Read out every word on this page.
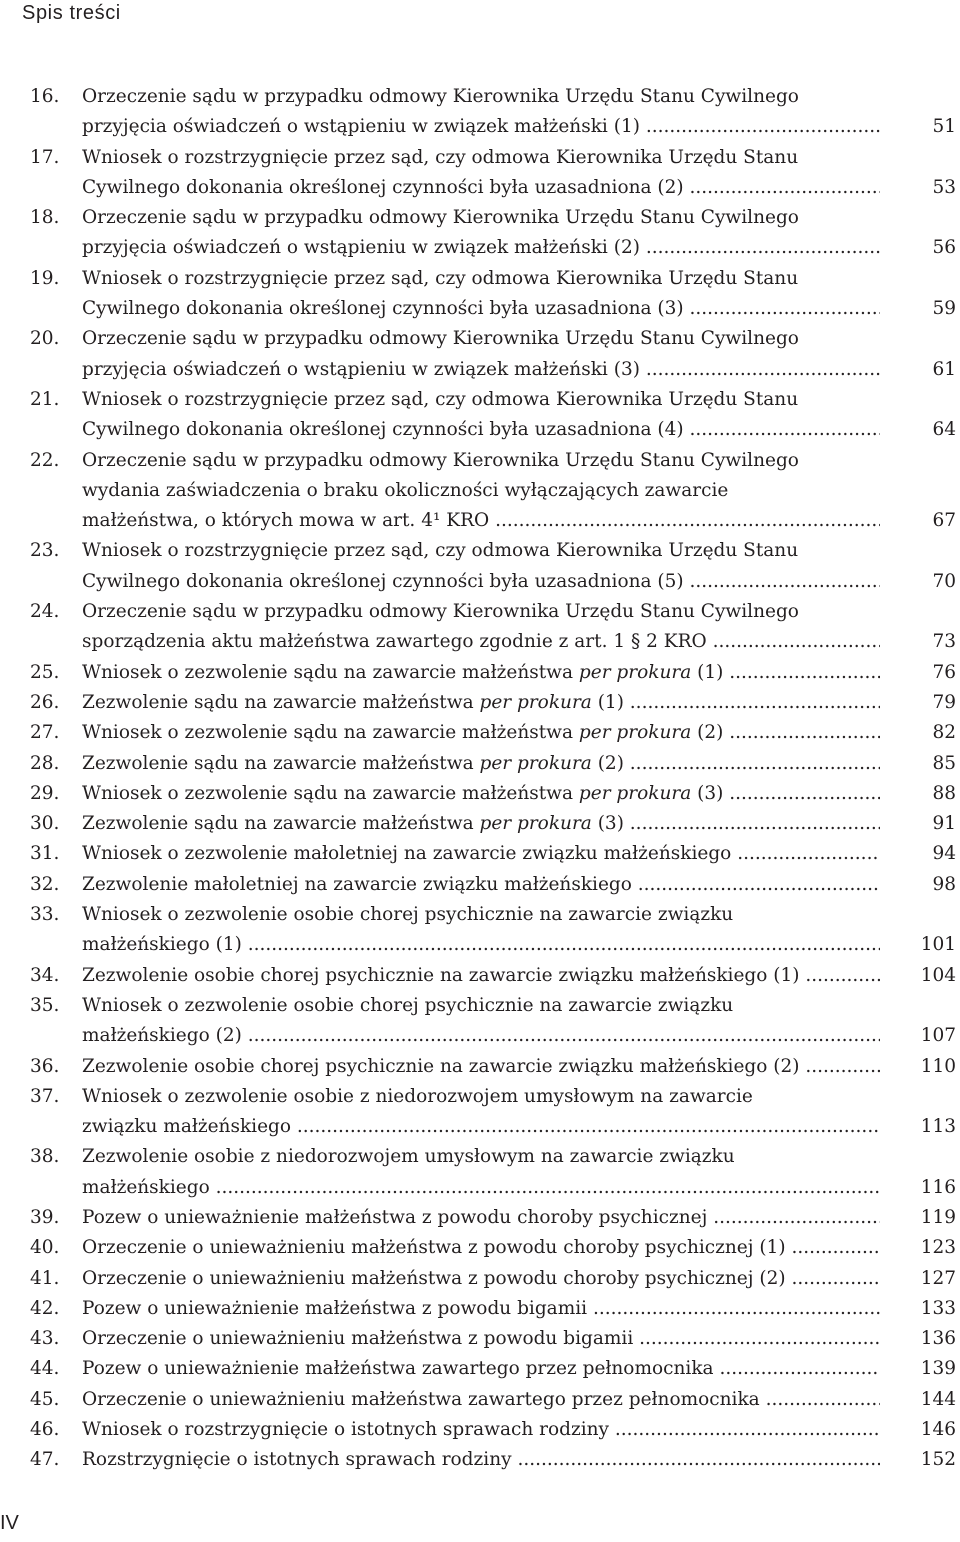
Spis treści
16. Orzeczenie sądu w przypadku odmowy Kierownika Urzędu Stanu Cywilnego
przyjęcia oświadczeń o wstąpieniu w związek małżeński (1) .....	51
17. Wniosek o rozstrzygnięcie przez sąd, czy odmowa Kierownika Urzędu Stanu
Cywilnego dokonania określonej czynności była uzasadniona (2) .....	53
18. Orzeczenie sądu w przypadku odmowy Kierownika Urzędu Stanu Cywilnego
przyjęcia oświadczeń o wstąpieniu w związek małżeński (2) .....	56
19. Wniosek o rozstrzygnięcie przez sąd, czy odmowa Kierownika Urzędu Stanu
Cywilnego dokonania określonej czynności była uzasadniona (3) .....	59
20. Orzeczenie sądu w przypadku odmowy Kierownika Urzędu Stanu Cywilnego
przyjęcia oświadczeń o wstąpieniu w związek małżeński (3) .....	61
21. Wniosek o rozstrzygnięcie przez sąd, czy odmowa Kierownika Urzędu Stanu
Cywilnego dokonania określonej czynności była uzasadniona (4) .....	64
22. Orzeczenie sądu w przypadku odmowy Kierownika Urzędu Stanu Cywilnego
wydania zaświadczenia o braku okoliczności wyłączających zawarcie
małżeństwa, o których mowa w art. 4¹ KRO .....	67
23. Wniosek o rozstrzygnięcie przez sąd, czy odmowa Kierownika Urzędu Stanu
Cywilnego dokonania określonej czynności była uzasadniona (5) .....	70
24. Orzeczenie sądu w przypadku odmowy Kierownika Urzędu Stanu Cywilnego
sporządzenia aktu małżeństwa zawartego zgodnie z art. 1 § 2 KRO .....	73
25. Wniosek o zezwolenie sądu na zawarcie małżeństwa per prokura (1) .....	76
26. Zezwolenie sądu na zawarcie małżeństwa per prokura (1) .....	79
27. Wniosek o zezwolenie sądu na zawarcie małżeństwa per prokura (2) .....	82
28. Zezwolenie sądu na zawarcie małżeństwa per prokura (2) .....	85
29. Wniosek o zezwolenie sądu na zawarcie małżeństwa per prokura (3) .....	88
30. Zezwolenie sądu na zawarcie małżeństwa per prokura (3) .....	91
31. Wniosek o zezwolenie małoletniej na zawarcie związku małżeńskiego .....	94
32. Zezwolenie małoletniej na zawarcie związku małżeńskiego .....	98
33. Wniosek o zezwolenie osobie chorej psychicznie na zawarcie związku
małżeńskiego (1) .....	101
34. Zezwolenie osobie chorej psychicznie na zawarcie związku małżeńskiego (1) .....	104
35. Wniosek o zezwolenie osobie chorej psychicznie na zawarcie związku
małżeńskiego (2) .....	107
36. Zezwolenie osobie chorej psychicznie na zawarcie związku małżeńskiego (2) .....	110
37. Wniosek o zezwolenie osobie z niedorozwojem umysłowym na zawarcie
związku małżeńskiego .....	113
38. Zezwolenie osobie z niedorozwojem umysłowym na zawarcie związku
małżeńskiego .....	116
39. Pozew o unieważnienie małżeństwa z powodu choroby psychicznej .....	119
40. Orzeczenie o unieważnieniu małżeństwa z powodu choroby psychicznej (1) .....	123
41. Orzeczenie o unieważnieniu małżeństwa z powodu choroby psychicznej (2) .....	127
42. Pozew o unieważnienie małżeństwa z powodu bigamii .....	133
43. Orzeczenie o unieważnieniu małżeństwa z powodu bigamii .....	136
44. Pozew o unieważnienie małżeństwa zawartego przez pełnomocnika .....	139
45. Orzeczenie o unieważnieniu małżeństwa zawartego przez pełnomocnika .....	144
46. Wniosek o rozstrzygnięcie o istotnych sprawach rodziny .....	146
47. Rozstrzygnięcie o istotnych sprawach rodziny .....	152
IV
